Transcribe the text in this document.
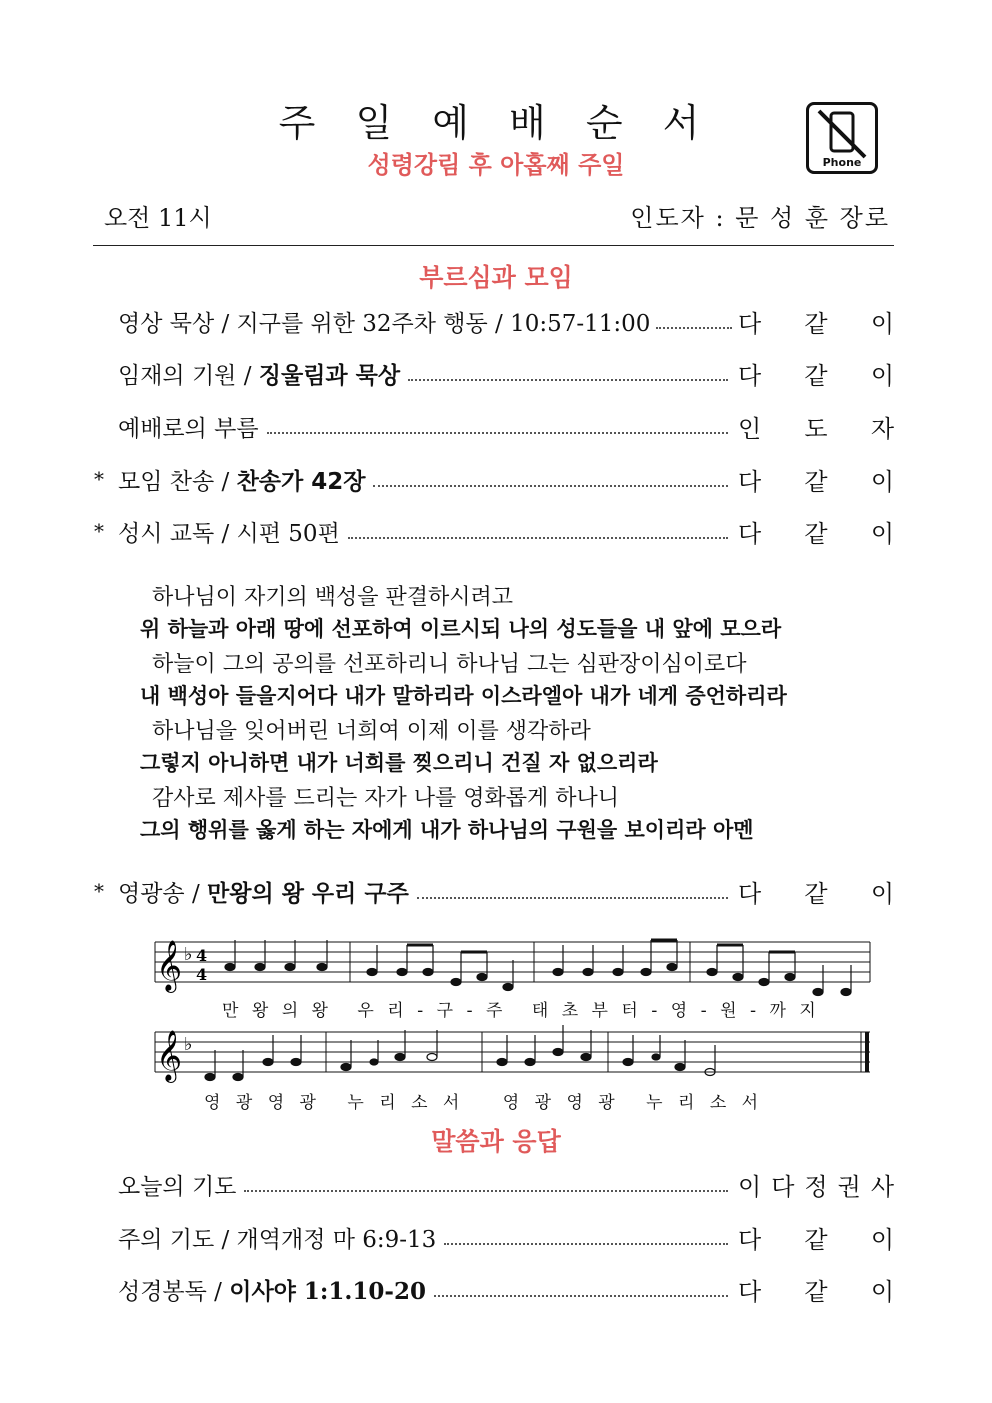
주 일 예 배 순 서
성령강림 후 아홉째 주일	Phone
오전 11시	인도자 : 문 성 훈 장로
부르심과 모임
영상 묵상 / 지구를 위한 32주차 행동 / 10:57-11:00	다 같 이
임재의 기원 / 징울림과 묵상	다 같 이
예배로의 부름	인 도 자
* 모임 찬송 / 찬송가 42장	다 같 이
* 성시 교독 / 시편 50편	다 같 이
하나님이 자기의 백성을 판결하시려고
위 하늘과 아래 땅에 선포하여 이르시되 나의 성도들을 내 앞에 모으라
하늘이 그의 공의를 선포하리니 하나님 그는 심판장이심이로다
내 백성아 들을지어다 내가 말하리라 이스라엘아 내가 네게 증언하리라
하나님을 잊어버린 너희여 이제 이를 생각하라
그렇지 아니하면 내가 너희를 찢으리니 건질 자 없으리라
감사로 제사를 드리는 자가 나를 영화롭게 하나니
그의 행위를 옳게 하는 자에게 내가 하나님의 구원을 보이리라 아멘
* 영광송 / 만왕의 왕 우리 구주	다 같 이
𝄞 ♭ 4
4
𝄞 ♭
만 왕 의 왕 우 리 - 구 - 주 태 초 부 터 - 영 - 원 - 까 지
영 광 영 광 누 리 소 서	영 광 영 광 누 리 소 서
말씀과 응답
오늘의 기도	이 다 정 권 사
주의 기도 / 개역개정 마 6:9-13	다 같 이
성경봉독 / 이사야 1:1.10-20	다 같 이
